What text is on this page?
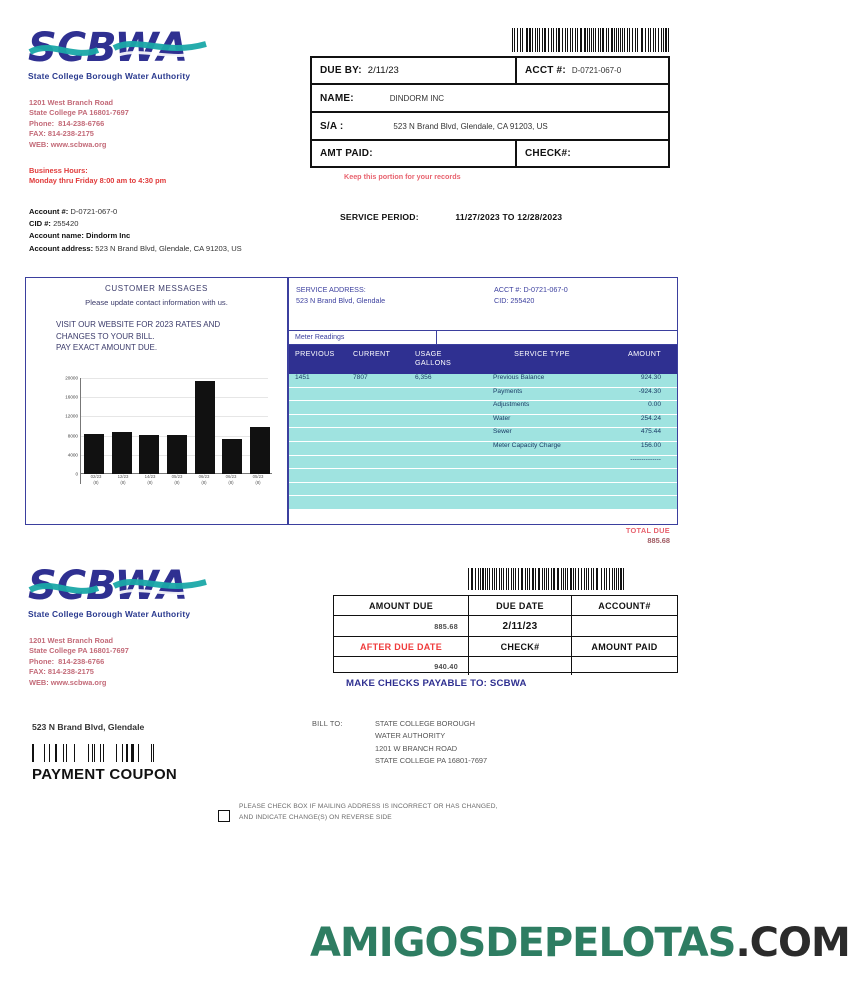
SCBWA
State College Borough Water Authority
1201 West Branch Road
State College PA 16801-7697
Phone:  814-238-6766
FAX: 814-238-2175
WEB: www.scbwa.org
Business Hours:
Monday thru Friday 8:00 am to 4:30 pm
Account #: D-0721-067-0
CID #: 255420
Account name: Dindorm Inc
Account address: 523 N Brand Blvd, Glendale, CA 91203, US
DUE BY: 2/11/23	ACCT #: D-0721-067-0
NAME:	DINDORM INC
S/A :	523 N Brand Blvd, Glendale, CA 91203, US
AMT PAID:	CHECK#:
Keep this portion for your records
SERVICE PERIOD:	11/27/2023 TO 12/28/2023
CUSTOMER MESSAGES
Please update contact information with us.
VISIT OUR WEBSITE FOR 2023 RATES AND
CHANGES TO YOUR BILL.
PAY EXACT AMOUNT DUE.
0
4000
8000
12000
16000
20000
02/23
(8)
12/23
(8)
14/23
(8)
05/23
(8)
06/23
(8)
06/23
(8)
05/23
(8)
SERVICE ADDRESS:
523 N Brand Blvd, Glendale
ACCT #: D-0721-067-0
CID: 255420
Meter Readings
PREVIOUS	CURRENT	USAGE
GALLONS
SERVICE TYPE	AMOUNT
1451	7807	6,356	Previous Balance	924.30
Payments	-924.30
Adjustments	0.00
Water	254.24
Sewer	475.44
Meter Capacity Charge	156.00
--------------
TOTAL DUE
885.68
SCBWA
State College Borough Water Authority
1201 West Branch Road
State College PA 16801-7697
Phone:  814-238-6766
FAX: 814-238-2175
WEB: www.scbwa.org
523 N Brand Blvd, Glendale
PAYMENT COUPON
AMOUNT DUE	DUE DATE	ACCOUNT#
885.68	2/11/23
AFTER DUE DATE	CHECK#	AMOUNT PAID
940.40
MAKE CHECKS PAYABLE TO: SCBWA
BILL TO:	STATE COLLEGE BOROUGH
WATER AUTHORITY
1201 W BRANCH ROAD
STATE COLLEGE PA 16801-7697
PLEASE CHECK BOX IF MAILING ADDRESS IS INCORRECT OR HAS CHANGED,
AND INDICATE CHANGE(S) ON REVERSE SIDE
AMIGOSDEPELOTAS.COM
